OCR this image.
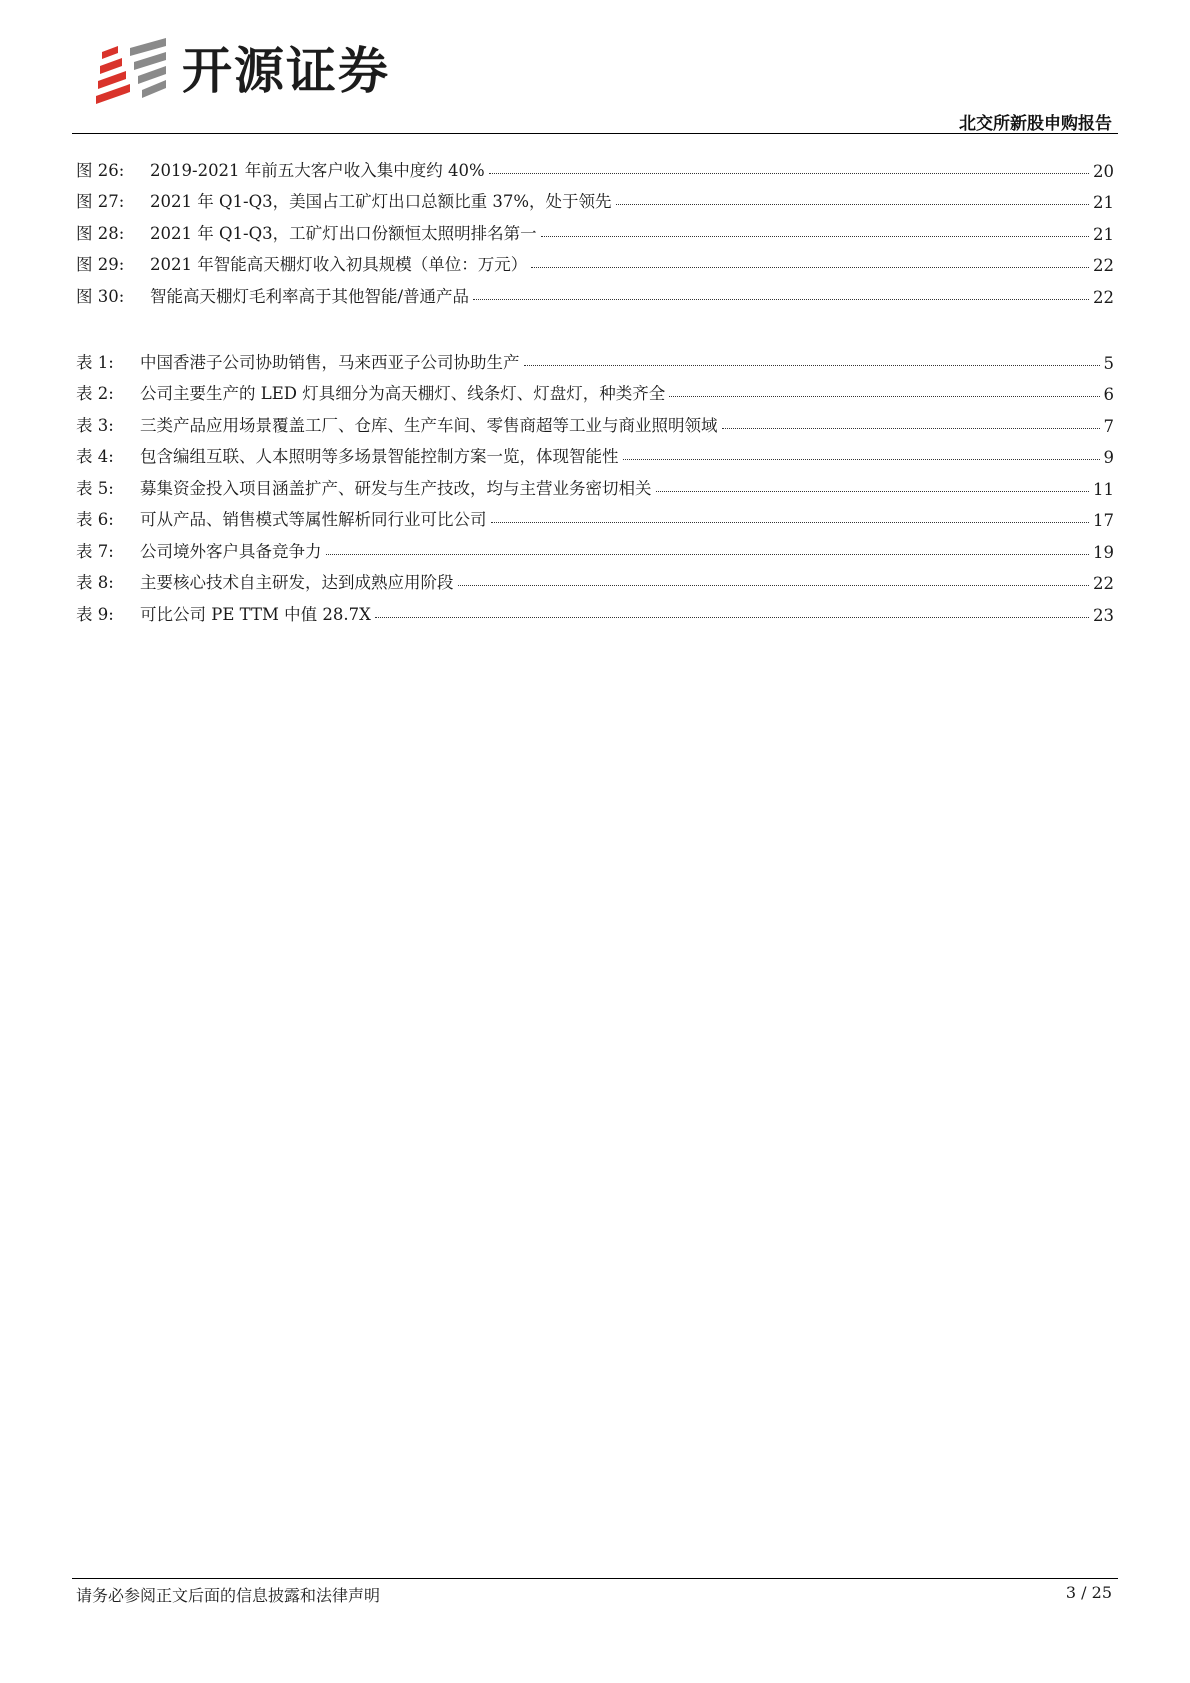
开源证券
北交所新股申购报告
图 26:	2019-2021 年前五大客户收入集中度约 40%	20
图 27:	2021 年 Q1-Q3，美国占工矿灯出口总额比重 37%，处于领先	21
图 28:	2021 年 Q1-Q3，工矿灯出口份额恒太照明排名第一	21
图 29:	2021 年智能高天棚灯收入初具规模（单位：万元）	22
图 30:	智能高天棚灯毛利率高于其他智能/普通产品	22
表 1:	中国香港子公司协助销售，马来西亚子公司协助生产	5
表 2:	公司主要生产的 LED 灯具细分为高天棚灯、线条灯、灯盘灯，种类齐全	6
表 3:	三类产品应用场景覆盖工厂、仓库、生产车间、零售商超等工业与商业照明领域	7
表 4:	包含编组互联、人本照明等多场景智能控制方案一览，体现智能性	9
表 5:	募集资金投入项目涵盖扩产、研发与生产技改，均与主营业务密切相关	11
表 6:	可从产品、销售模式等属性解析同行业可比公司	17
表 7:	公司境外客户具备竞争力	19
表 8:	主要核心技术自主研发，达到成熟应用阶段	22
表 9:	可比公司 PE TTM 中值 28.7X	23
请务必参阅正文后面的信息披露和法律声明	3 / 25
